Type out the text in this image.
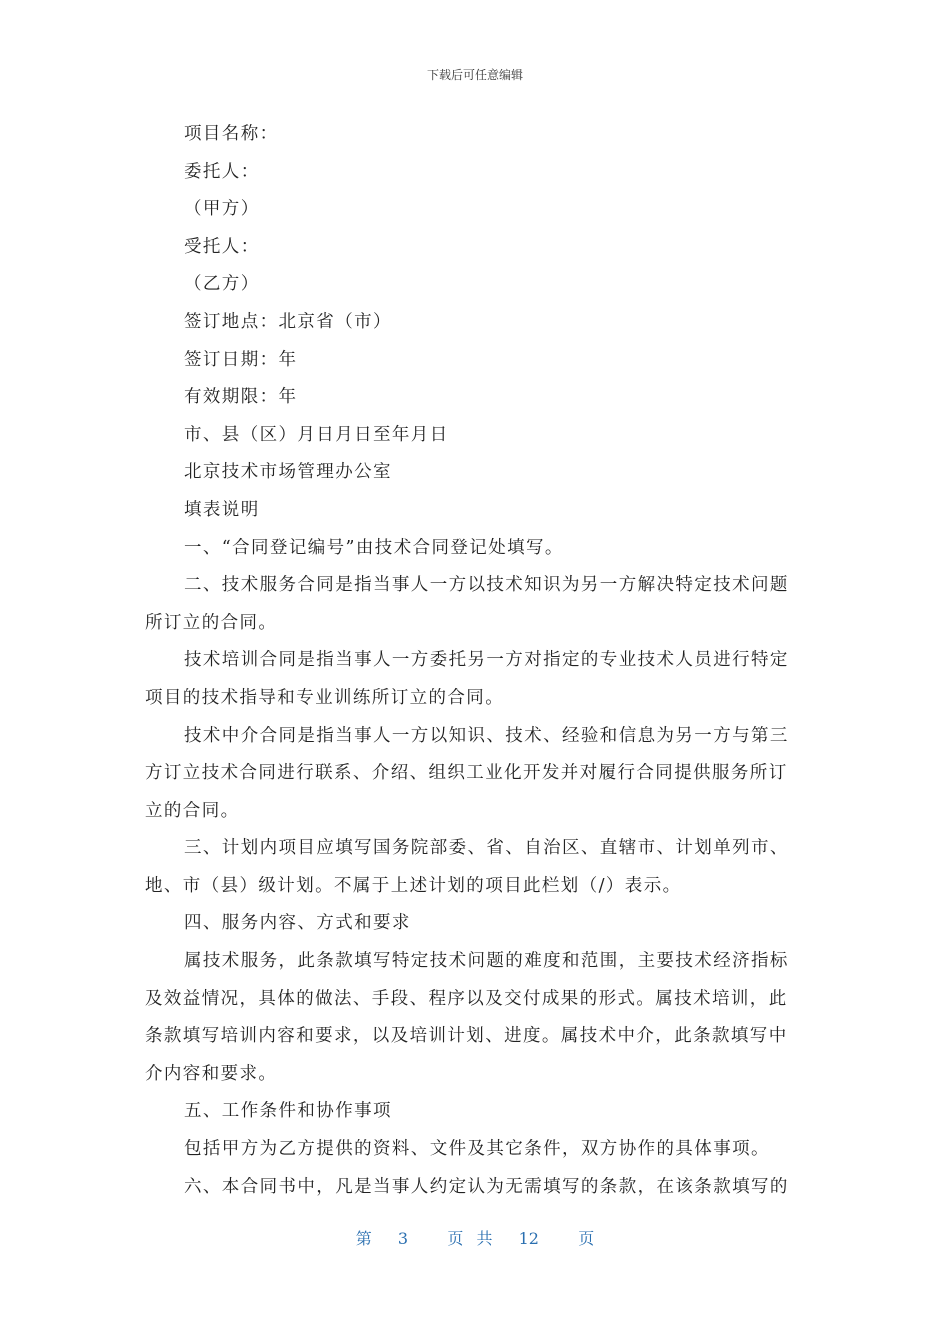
下载后可任意编辑
项目名称：
委托人：
（甲方）
受托人：
（乙方）
签订地点：北京省（市）
签订日期：年
有效期限：年
市、县（区）月日月日至年月日
北京技术市场管理办公室
填表说明
一、“合同登记编号”由技术合同登记处填写。
二、技术服务合同是指当事人一方以技术知识为另一方解决特定技术问题
所订立的合同。
技术培训合同是指当事人一方委托另一方对指定的专业技术人员进行特定
项目的技术指导和专业训练所订立的合同。
技术中介合同是指当事人一方以知识、技术、经验和信息为另一方与第三
方订立技术合同进行联系、介绍、组织工业化开发并对履行合同提供服务所订
立的合同。
三、计划内项目应填写国务院部委、省、自治区、直辖市、计划单列市、
地、市（县）级计划。不属于上述计划的项目此栏划（/）表示。
四、服务内容、方式和要求
属技术服务，此条款填写特定技术问题的难度和范围，主要技术经济指标
及效益情况，具体的做法、手段、程序以及交付成果的形式。属技术培训，此
条款填写培训内容和要求，以及培训计划、进度。属技术中介，此条款填写中
介内容和要求。
五、工作条件和协作事项
包括甲方为乙方提供的资料、文件及其它条件，双方协作的具体事项。
六、本合同书中，凡是当事人约定认为无需填写的条款，在该条款填写的
第  3   页 共  12   页
